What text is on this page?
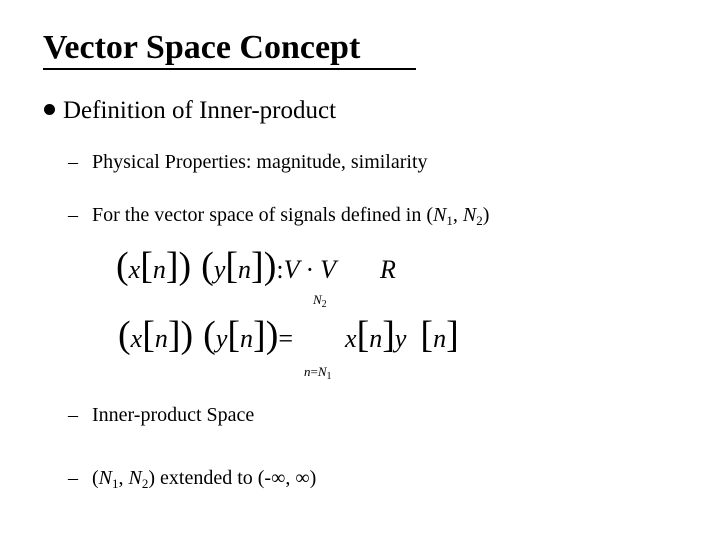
Vector Space Concept
Definition of Inner-product
– Physical Properties: magnitude, similarity
– For the vector space of signals defined in ($N_1$, $N_2$)
(x[n]) (y[n]):V · V R
$N_2$
(x[n]) (y[n])= x[n]y [n]
$n=N_1$
– Inner-product Space
– ($N_1$, $N_2$) extended to (-∞, ∞)
